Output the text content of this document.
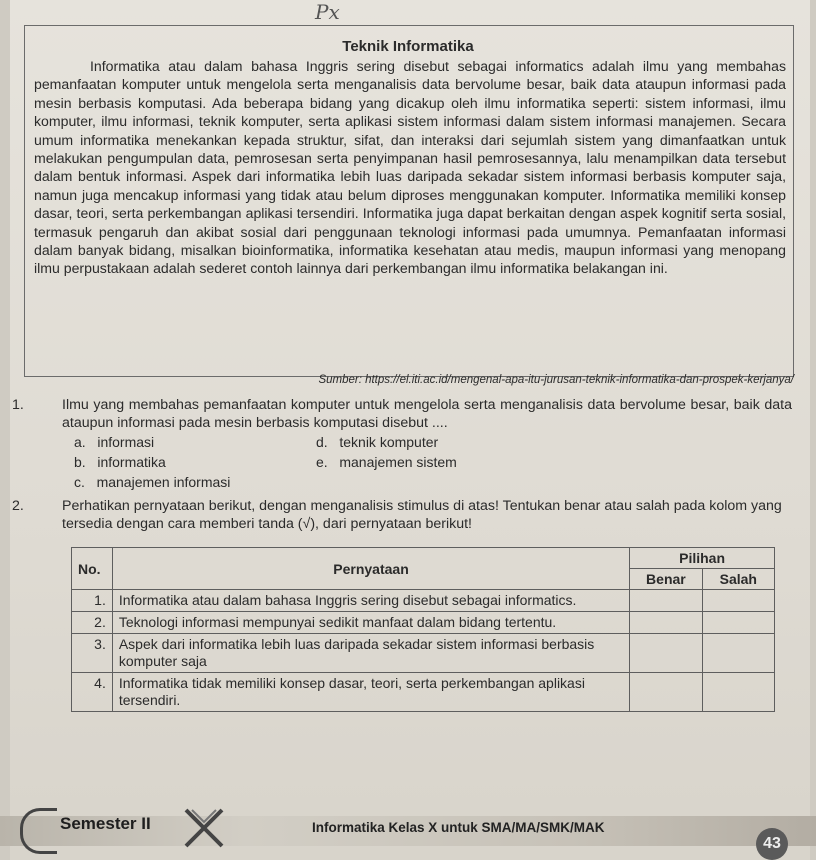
Px
Teknik Informatika

Informatika atau dalam bahasa Inggris sering disebut sebagai informatics adalah ilmu yang membahas pemanfaatan komputer untuk mengelola serta menganalisis data bervolume besar, baik data ataupun informasi pada mesin berbasis komputasi. Ada beberapa bidang yang dicakup oleh ilmu informatika seperti: sistem informasi, ilmu komputer, ilmu informasi, teknik komputer, serta aplikasi sistem informasi dalam sistem informasi manajemen. Secara umum informatika menekankan kepada struktur, sifat, dan interaksi dari sejumlah sistem yang dimanfaatkan untuk melakukan pengumpulan data, pemrosesan serta penyimpanan hasil pemrosesannya, lalu menampilkan data tersebut dalam bentuk informasi. Aspek dari informatika lebih luas daripada sekadar sistem informasi berbasis komputer saja, namun juga mencakup informasi yang tidak atau belum diproses menggunakan komputer. Informatika memiliki konsep dasar, teori, serta perkembangan aplikasi tersendiri. Informatika juga dapat berkaitan dengan aspek kognitif serta sosial, termasuk pengaruh dan akibat sosial dari penggunaan teknologi informasi pada umumnya. Pemanfaatan informasi dalam banyak bidang, misalkan bioinformatika, informatika kesehatan atau medis, maupun informasi yang menopang ilmu perpustakaan adalah sederet contoh lainnya dari perkembangan ilmu informatika belakangan ini.

Sumber: https://el.iti.ac.id/mengenal-apa-itu-jurusan-teknik-informatika-dan-prospek-kerjanya/
1.	Ilmu yang membahas pemanfaatan komputer untuk mengelola serta menganalisis data bervolume besar, baik data ataupun informasi pada mesin berbasis komputasi disebut ....
a. informasi
b. informatika
c. manajemen informasi
d. teknik komputer
e. manajemen sistem
2.	Perhatikan pernyataan berikut, dengan menganalisis stimulus di atas! Tentukan benar atau salah pada kolom yang tersedia dengan cara memberi tanda (√), dari pernyataan berikut!
No.	Pernyataan	Pilihan	
		Benar	Salah
1.	Informatika atau dalam bahasa Inggris sering disebut sebagai informatics.		
2.	Teknologi informasi mempunyai sedikit manfaat dalam bidang tertentu.		
3.	Aspek dari informatika lebih luas daripada sekadar sistem informasi berbasis komputer saja		
4.	Informatika tidak memiliki konsep dasar, teori, serta perkembangan aplikasi tersendiri.		
Semester II	Informatika Kelas X untuk SMA/MA/SMK/MAK
43
